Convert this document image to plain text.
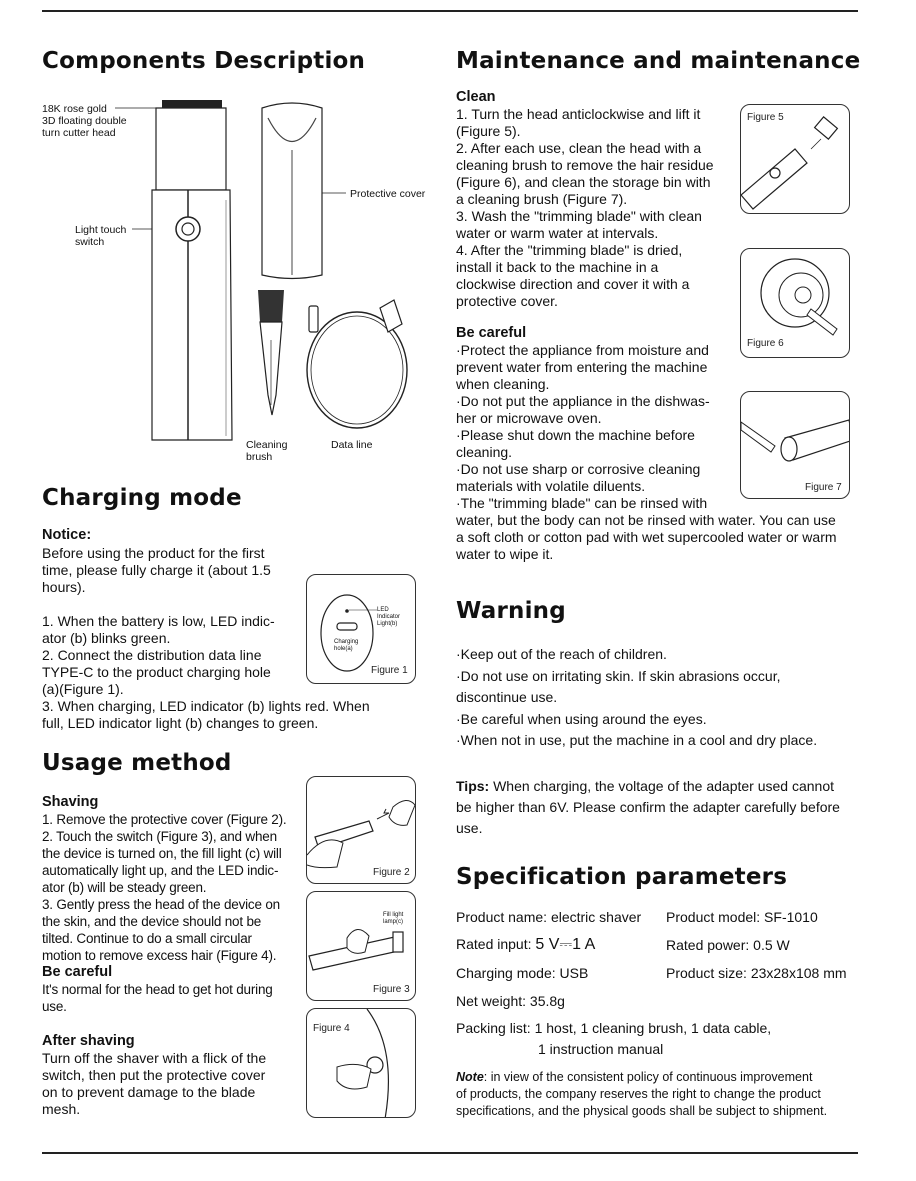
Components Description
18K rose gold
3D floating double
turn cutter head
Light touch
switch
Protective cover
Cleaning
brush
Data line
Charging mode
Notice:

Before using the product for the first

time, please fully charge it (about 1.5

hours).

1. When the battery is low, LED indic-

ator (b) blinks green.

2. Connect the distribution data line

TYPE-C to the product charging hole

(a)(Figure 1).

3. When charging, LED indicator (b) lights red. When

full, LED indicator light (b) changes to green.

LED
Indicator
Light(b)
Charging
hole(a)
Figure 1
Usage method
Shaving

1. Remove the protective cover (Figure 2).

2. Touch the switch (Figure 3), and when

the device is turned on, the fill light (c) will

automatically light up, and the LED indic-

ator (b) will be steady green.

3. Gently press the head of the device on

the skin, and the device should not be

tilted. Continue to do a small circular

motion to remove excess hair (Figure 4).

Be careful

It's normal for the head to get hot during

use.

After shaving

Turn off the shaver with a flick of the

switch, then put the protective cover

on to prevent damage to the blade

mesh.

Figure 2
Fill light
lamp(c)
Figure 3
Figure 4
Maintenance and maintenance
Clean

1. Turn the head anticlockwise and lift it

(Figure 5).

2. After each use, clean the head with a

cleaning brush to remove the hair residue

(Figure 6), and clean the storage bin with

a cleaning brush (Figure 7).

3. Wash the "trimming blade" with clean

water or warm water at intervals.

4. After the "trimming blade" is dried,

install it back to the machine in a

clockwise direction and cover it with a

protective cover.

Be careful

·Protect the appliance from moisture and

prevent water from entering the machine

when cleaning.

·Do not put the appliance in the dishwas-

her or microwave oven.

·Please shut down the machine before

cleaning.

·Do not use sharp or corrosive cleaning

materials with volatile diluents.

·The "trimming blade" can be rinsed with

water, but the body can not be rinsed with water. You can use

a soft cloth or cotton pad with wet supercooled water or warm

water to wipe it.

Figure 5
Figure 6
Figure 7
Warning

·Keep out of the reach of children.

·Do not use on irritating skin. If skin abrasions occur,

discontinue use.

·Be careful when using around the eyes.

·When not in use, put the machine in a cool and dry place.

Tips: When charging, the voltage of the adapter used cannot

be higher than 6V. Please confirm the adapter carefully before

use.

Specification parameters
Product name: electric shaver Product model: SF-1010
Rated input: 5 V⎓1 A	Rated power: 0.5 W
Charging mode: USB	Product size: 23x28x108 mm
Net weight: 35.8g
Packing list: 1 host, 1 cleaning brush, 1 data cable,
1 instruction manual

Note: in view of the consistent policy of continuous improvement

of products, the company reserves the right to change the product

specifications, and the physical goods shall be subject to shipment.
